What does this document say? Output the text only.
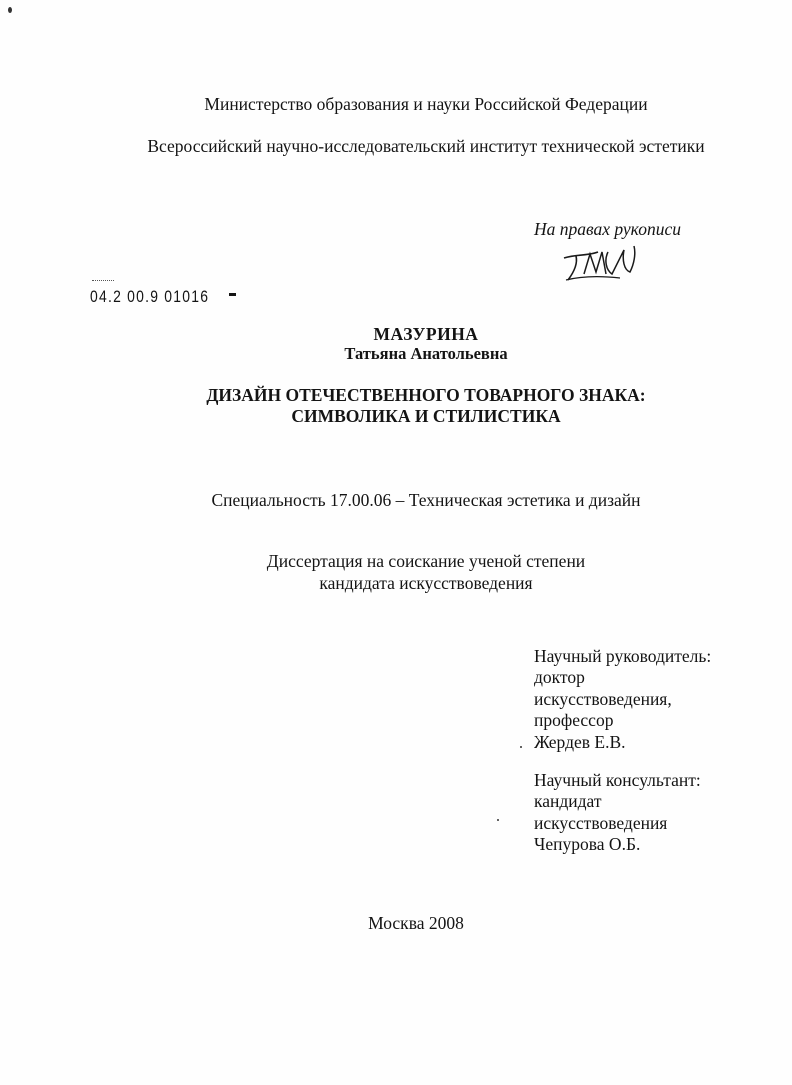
Министерство образования и науки Российской Федерации
Всероссийский научно-исследовательский институт технической эстетики
На правах рукописи
04.2 00.9 01016
МАЗУРИНА
Татьяна Анатольевна
ДИЗАЙН ОТЕЧЕСТВЕННОГО ТОВАРНОГО ЗНАКА:
СИМВОЛИКА И СТИЛИСТИКА
Специальность 17.00.06 – Техническая эстетика и дизайн
Диссертация на соискание ученой степени
кандидата искусствоведения
Научный руководитель:
доктор
искусствоведения,
профессор
Жердев Е.В.
Научный консультант:
кандидат
искусствоведения
Чепурова О.Б.
Москва 2008
